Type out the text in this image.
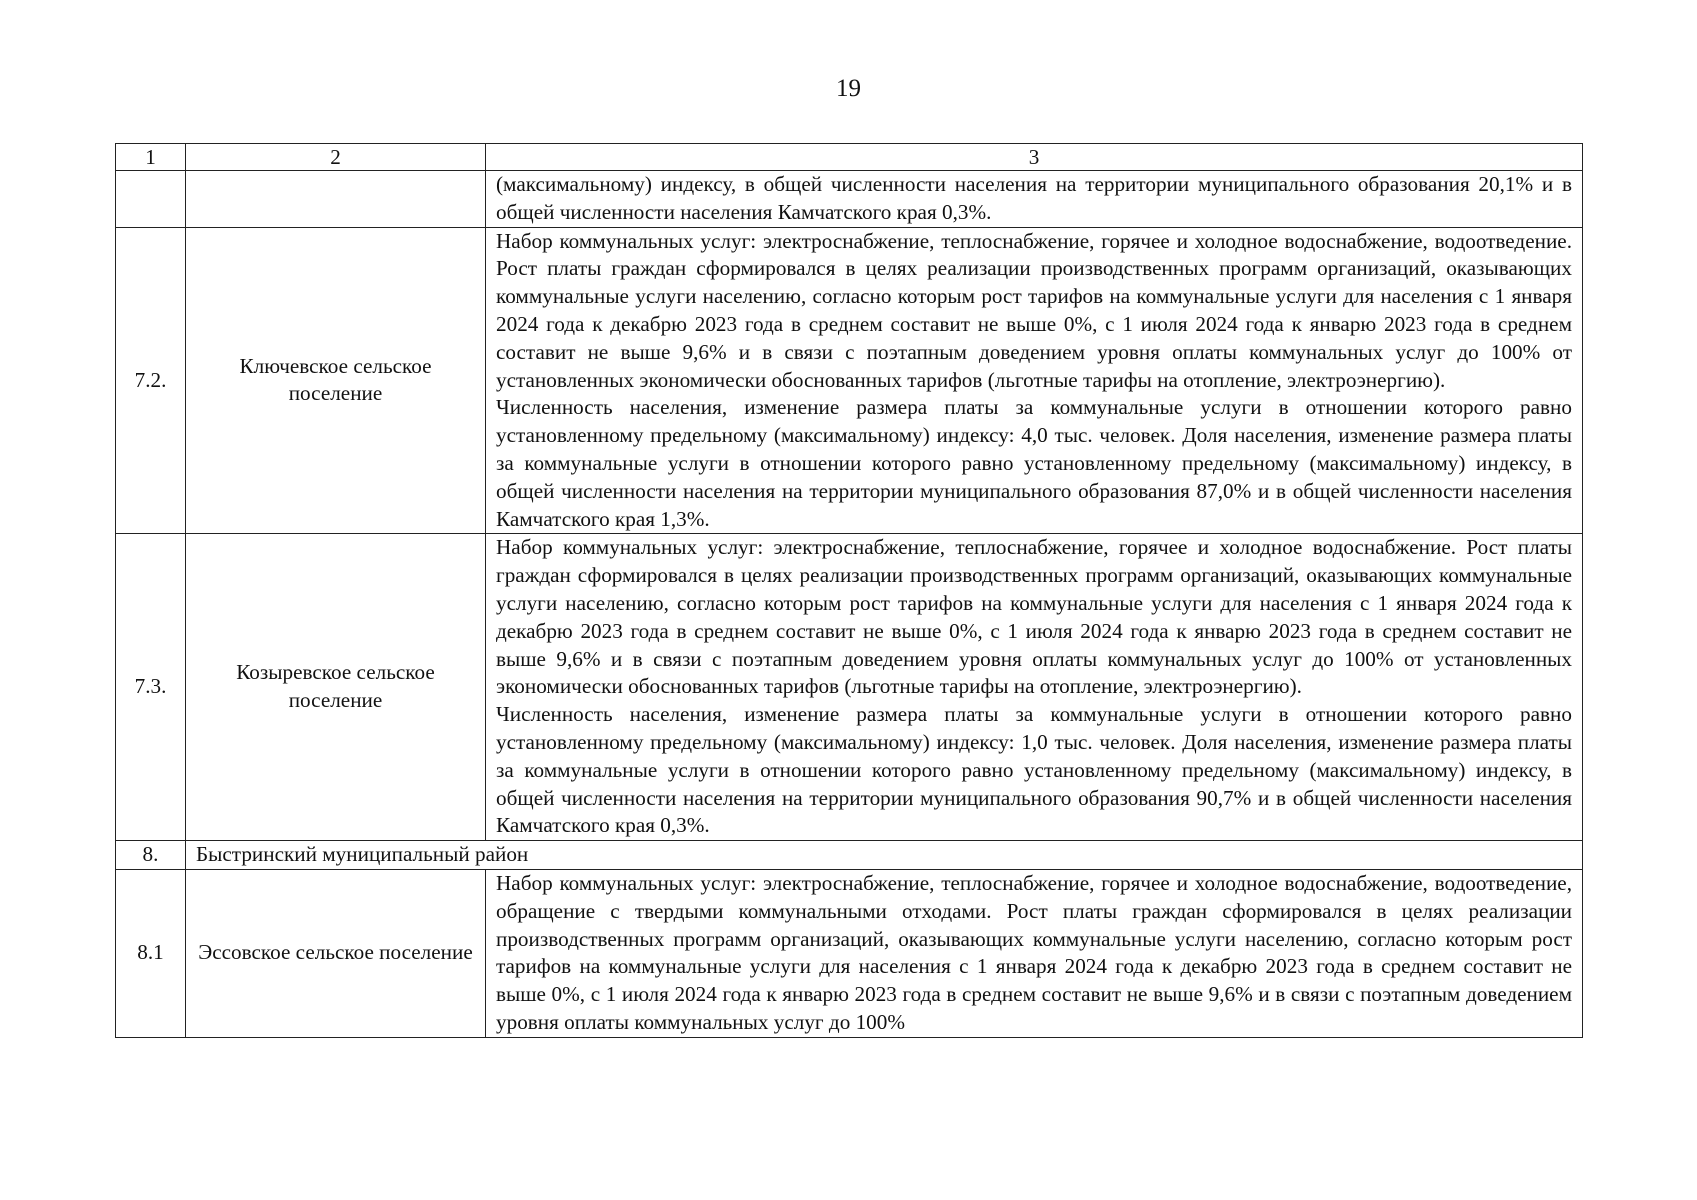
19
1	2	3

		(максимальному) индексу, в общей численности населения на территории муниципального образования 20,1% и в общей численности населения Камчатского края 0,3%.

7.2.	Ключевское сельское поселение	Набор коммунальных услуг: электроснабжение, теплоснабжение, горячее и холодное водоснабжение, водоотведение. Рост платы граждан сформировался в целях реализации производственных программ организаций, оказывающих коммунальные услуги населению, согласно которым рост тарифов на коммунальные услуги для населения с 1 января 2024 года к декабрю 2023 года в среднем составит не выше 0%, с 1 июля 2024 года к январю 2023 года в среднем составит не выше 9,6% и в связи с поэтапным доведением уровня оплаты коммунальных услуг до 100% от установленных экономически обоснованных тарифов (льготные тарифы на отопление, электроэнергию).
Численность населения, изменение размера платы за коммунальные услуги в отношении которого равно установленному предельному (максимальному) индексу: 4,0 тыс. человек. Доля населения, изменение размера платы за коммунальные услуги в отношении которого равно установленному предельному (максимальному) индексу, в общей численности населения на территории муниципального образования 87,0% и в общей численности населения Камчатского края 1,3%.

7.3.	Козыревское сельское поселение	Набор коммунальных услуг: электроснабжение, теплоснабжение, горячее и холодное водоснабжение. Рост платы граждан сформировался в целях реализации производственных программ организаций, оказывающих коммунальные услуги населению, согласно которым рост тарифов на коммунальные услуги для населения с 1 января 2024 года к декабрю 2023 года в среднем составит не выше 0%, с 1 июля 2024 года к январю 2023 года в среднем составит не выше 9,6% и в связи с поэтапным доведением уровня оплаты коммунальных услуг до 100% от установленных экономически обоснованных тарифов (льготные тарифы на отопление, электроэнергию).
Численность населения, изменение размера платы за коммунальные услуги в отношении которого равно установленному предельному (максимальному) индексу: 1,0 тыс. человек. Доля населения, изменение размера платы за коммунальные услуги в отношении которого равно установленному предельному (максимальному) индексу, в общей численности населения на территории муниципального образования 90,7% и в общей численности населения Камчатского края 0,3%.

8.	Быстринский муниципальный район	
8.1	Эссовское сельское поселение	Набор коммунальных услуг: электроснабжение, теплоснабжение, горячее и холодное водоснабжение, водоотведение, обращение с твердыми коммунальными отходами. Рост платы граждан сформировался в целях реализации производственных программ организаций, оказывающих коммунальные услуги населению, согласно которым рост тарифов на коммунальные услуги для населения с 1 января 2024 года к декабрю 2023 года в среднем составит не выше 0%, с 1 июля 2024 года к январю 2023 года в среднем составит не выше 9,6% и в связи с поэтапным доведением уровня оплаты коммунальных услуг до 100%
